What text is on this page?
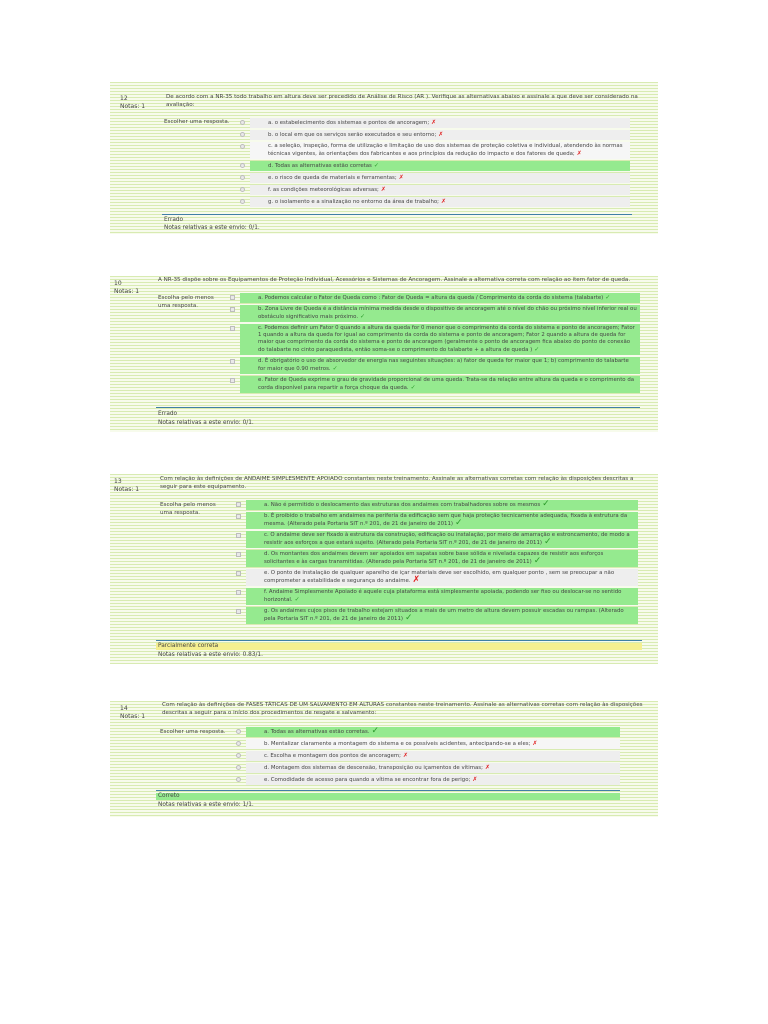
12
Notas: 1
De acordo com a NR-35 todo trabalho em altura deve ser precedido de Análise de Risco (AR ). Verifique as alternativas abaixo e assinale a que deve ser considerado na avaliação:
Escolher uma resposta.	a. o estabelecimento dos sistemas e pontos de ancoragem; ✗
b. o local em que os serviços serão executados e seu entorno; ✗
c. a seleção, inspeção, forma de utilização e limitação de uso dos sistemas de proteção coletiva e individual, atendendo às normas técnicas vigentes, às orientações dos fabricantes e aos princípios da redução do impacto e dos fatores de queda; ✗
d. Todas as alternativas estão corretas ✓
e. o risco de queda de materiais e ferramentas; ✗
f. as condições meteorológicas adversas; ✗
g. o isolamento e a sinalização no entorno da área de trabalho; ✗
Errado
Notas relativas a este envio: 0/1.
10
Notas: 1
A NR-35 dispõe sobre os Equipamentos de Proteção Individual, Acessórios e Sistemas de Ancoragem. Assinale a alternativa correta com relação ao item fator de queda.
Escolha pelo menos uma resposta.
a. Podemos calcular o Fator de Queda como : Fator de Queda = altura da queda / Comprimento da corda do sistema (talabarte) ✓
b. Zona Livre de Queda é a distância mínima medida desde o dispositivo de ancoragem até o nível do chão ou próximo nível inferior real ou obstáculo significativo mais próximo. ✓
c. Podemos definir um Fator 0 quando a altura da queda for 0 menor que o comprimento da corda do sistema e ponto de ancoragem; Fator 1 quando a altura da queda for igual ao comprimento da corda do sistema e ponto de ancoragem; Fator 2 quando a altura de queda for maior que comprimento da corda do sistema e ponto de ancoragem (geralmente o ponto de ancoragem fica abaixo do ponto de conexão do talabarte no cinto paraquedista, então soma-se o comprimento do talabarte + a altura de queda ) ✓
d. É obrigatório o uso de absorvedor de energia nas seguintes situações: a) fator de queda for maior que 1; b) comprimento do talabarte for maior que 0.90 metros. ✓
e. Fator de Queda exprime o grau de gravidade proporcional de uma queda. Trata-se da relação entre altura da queda e o comprimento da corda disponível para repartir a força choque da queda. ✓
Errado
Notas relativas a este envio: 0/1.
13
Notas: 1
Com relação às definições de ANDAIME SIMPLESMENTE APOIADO constantes neste treinamento. Assinale as alternativas corretas com relação às disposições descritas a seguir para este equipamento.
Escolha pelo menos uma resposta.
a. Não é permitido o deslocamento das estruturas dos andaimes com trabalhadores sobre os mesmos ✓
b. É proibido o trabalho em andaimes na periferia da edificação sem que haja proteção tecnicamente adequada, fixada à estrutura da mesma. (Alterado pela Portaria SIT n.º 201, de 21 de janeiro de 2011) ✓
c. O andaime deve ser fixado à estrutura da construção, edificação ou instalação, por meio de amarração e estroncamento, de modo a resistir aos esforços a que estará sujeito. (Alterado pela Portaria SIT n.º 201, de 21 de janeiro de 2011) ✓
d. Os montantes dos andaimes devem ser apoiados em sapatas sobre base sólida e nivelada capazes de resistir aos esforços solicitantes e às cargas transmitidas. (Alterado pela Portaria SIT n.º 201, de 21 de janeiro de 2011) ✓
e. O ponto de instalação de qualquer aparelho de içar materiais deve ser escolhido, em qualquer ponto , sem se preocupar a não comprometer a estabilidade e segurança do andaime. ✗
f. Andaime Simplesmente Apoiado é aquele cuja plataforma está simplesmente apoiada, podendo ser fixo ou deslocar-se no sentido horizontal. ✓
g. Os andaimes cujos pisos de trabalho estejam situados a mais de um metro de altura devem possuir escadas ou rampas. (Alterado pela Portaria SIT n.º 201, de 21 de janeiro de 2011) ✓
Parcialmente correta
Notas relativas a este envio: 0.83/1.
14
Notas: 1
Com relação às definições de FASES TÁTICAS DE UM SALVAMENTO EM ALTURAS constantes neste treinamento. Assinale as alternativas corretas com relação às disposições descritas a seguir para o início dos procedimentos de resgate e salvamento:
Escolher uma resposta.	a. Todas as alternativas estão corretas. ✓
b. Mentalizar claramente a montagem do sistema e os possíveis acidentes, antecipando-se a eles; ✗
c. Escolha e montagem dos pontos de ancoragem; ✗
d. Montagem dos sistemas de descensão, transposição ou içamentos de vítimas; ✗
e. Comodidade de acesso para quando a vítima se encontrar fora de perigo; ✗
Correto
Notas relativas a este envio: 1/1.
